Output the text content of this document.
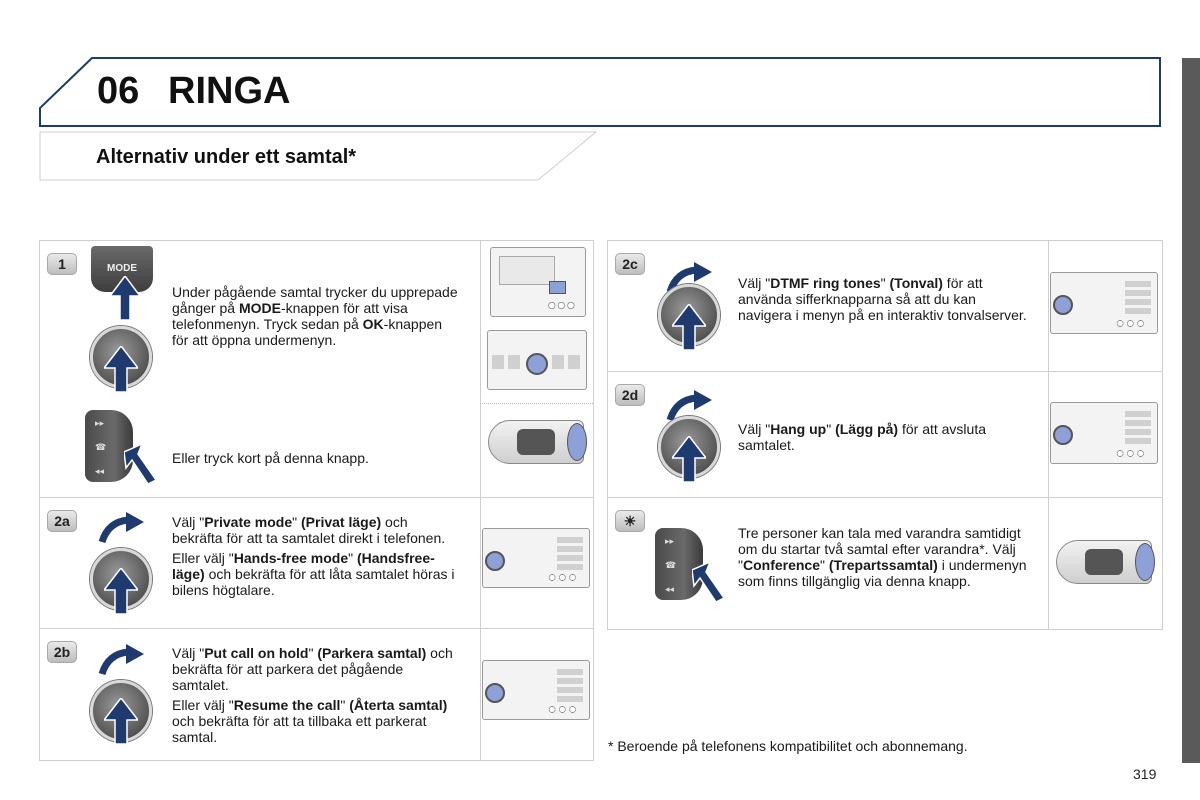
06 RINGA
Alternativ under ett samtal*
1
2a
2b
MODE

Under pågående samtal trycker du upprepade gånger på MODE-knappen för att visa telefonmenyn. Tryck sedan på OK-knappen för att öppna undermenyn.

▸▸
☎
◂◂
Eller tryck kort på denna knapp.

Välj "Private mode" (Privat läge) och bekräfta för att ta samtalet direkt i telefonen.

Eller välj "Hands-free mode" (Handsfree-läge) och bekräfta för att låta samtalet höras i bilens högtalare.

Välj "Put call on hold" (Parkera samtal) och bekräfta för att parkera det pågående samtalet.

Eller välj "Resume the call" (Återta samtal) och bekräfta för att ta tillbaka ett parkerat samtal.

2c
2d
☀

Välj "DTMF ring tones" (Tonval) för att använda sifferknapparna så att du kan navigera i menyn på en interaktiv tonvalserver.

Välj "Hang up" (Lägg på) för att avsluta samtalet.

▸▸
☎
◂◂

Tre personer kan tala med varandra samtidigt om du startar två samtal efter varandra*. Välj "Conference" (Trepartssamtal) i undermenyn som finns tillgänglig via denna knapp.

* Beroende på telefonens kompatibilitet och abonnemang.
319
